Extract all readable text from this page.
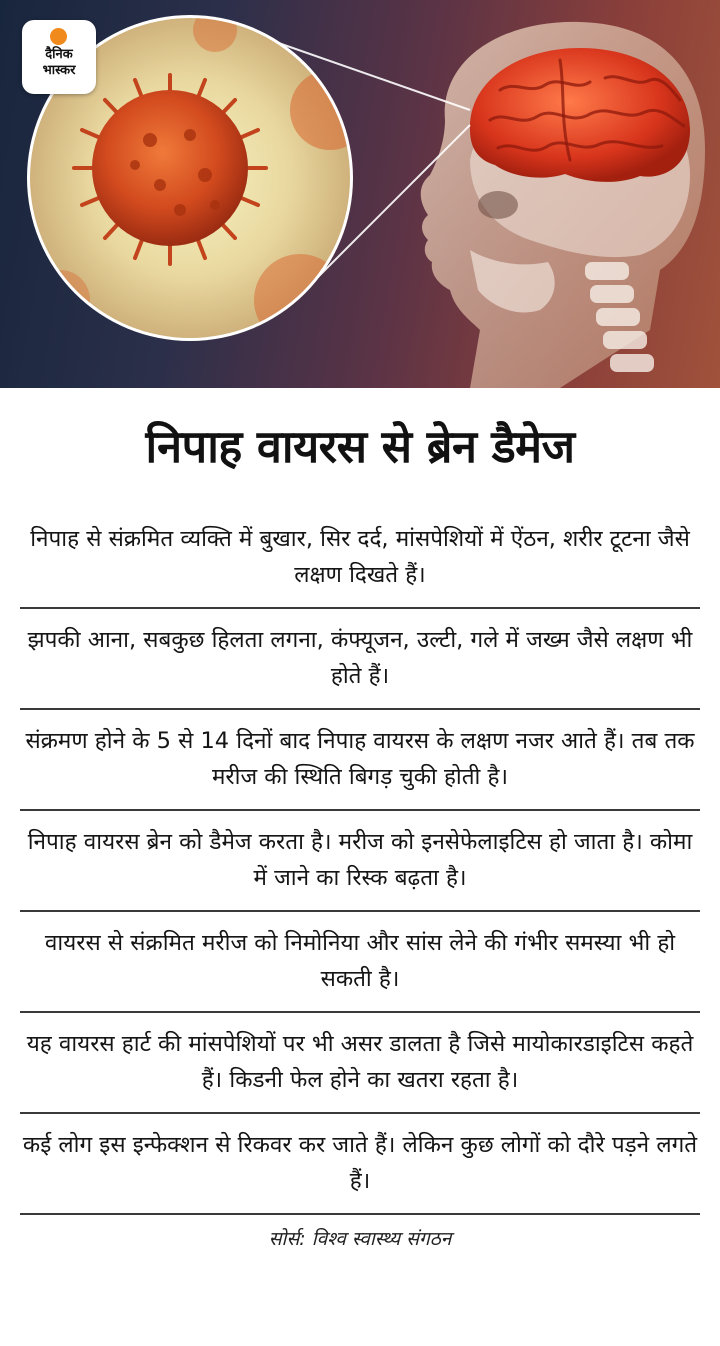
दैनिक
भास्कर
निपाह वायरस से ब्रेन डैमेज
निपाह से संक्रमित व्यक्ति में बुखार, सिर दर्द, मांसपेशियों में ऐंठन, शरीर टूटना जैसे लक्षण दिखते हैं।
झपकी आना, सबकुछ हिलता लगना, कंफ्यूजन, उल्टी, गले में जख्म जैसे लक्षण भी होते हैं।
संक्रमण होने के 5 से 14 दिनों बाद निपाह वायरस के लक्षण नजर आते हैं। तब तक मरीज की स्थिति बिगड़ चुकी होती है।
निपाह वायरस ब्रेन को डैमेज करता है। मरीज को इनसेफेलाइटिस हो जाता है। कोमा में जाने का रिस्क बढ़ता है।
वायरस से संक्रमित मरीज को निमोनिया और सांस लेने की गंभीर समस्या भी हो सकती है।
यह वायरस हार्ट की मांसपेशियों पर भी असर डालता है जिसे मायोकारडाइटिस कहते हैं। किडनी फेल होने का खतरा रहता है।
कई लोग इस इन्फेक्शन से रिकवर कर जाते हैं। लेकिन कुछ लोगों को दौरे पड़ने लगते हैं।
सोर्स: विश्व स्वास्थ्य संगठन
